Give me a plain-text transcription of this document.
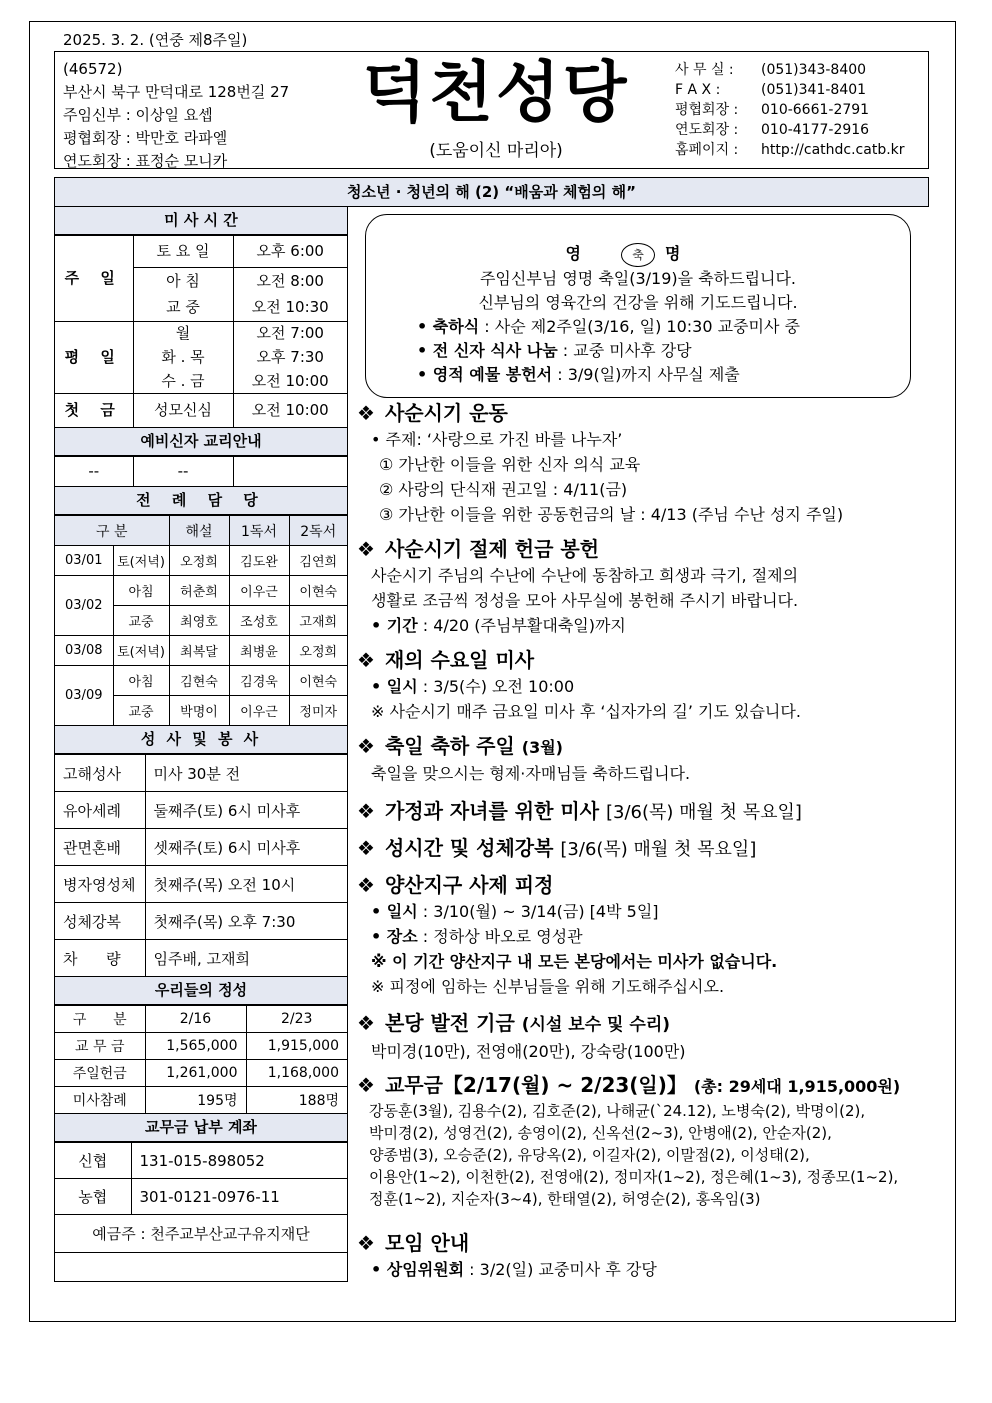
2025. 3. 2. (연중 제8주일)
(46572)
부산시 북구 만덕대로 128번길 27
주임신부 : 이상일 요셉
평협회장 : 박만호 라파엘
연도회장 : 표정순 모니카
덕천성당
(도움이신 마리아)
사 무 실 :	(051)343-8400
F A X :	(051)341-8401
평협회장 :	010-6661-2791
연도회장 :	010-4177-2916
홈페이지 :	http://cathdc.catb.kr
청소년 · 청년의 해 (2) “배움과 체험의 해”
미 사 시 간
주 일	토 요 일	오후 6:00
	아 침	오전 8:00
	교 중	오전 10:30
평 일	월	오전 7:00
	화 . 목	오후 7:30
	수 . 금	오전 10:00
첫 금	성모신심	오전 10:00
예비신자 교리안내
--	--	
전 례 담 당
구 분		해설	1독서	2독서
03/01	토(저녁)	오정희	김도완	김연희
03/02	아침	허춘희	이우근	이현숙
	교중	최영호	조성호	고재희
03/08	토(저녁)	최복달	최병윤	오정희
03/09	아침	김현숙	김경욱	이현숙
	교중	박명이	이우근	정미자
성 사 및 봉 사
고해성사	미사 30분 전
유아세례	둘째주(토) 6시 미사후
관면혼배	셋째주(토) 6시 미사후
병자영성체	첫째주(목) 오전 10시
성체강복	첫째주(목) 오후 7:30
차      량	임주배, 고재희
우리들의 정성
구      분	2/16	2/23
교 무 금	1,565,000	1,915,000
주일헌금	1,261,000	1,168,000
미사참례	195명	188명
교무금 납부 계좌
신협	131-015-898052
농협	301-0121-0976-11
예금주 : 천주교부산교구유지재단	
영 축 명
주임신부님 영명 축일(3/19)을 축하드립니다.
신부님의 영육간의 건강을 위해 기도드립니다.
• 축하식 : 사순 제2주일(3/16, 일) 10:30 교중미사 중
• 전 신자 식사 나눔 : 교중 미사후 강당
• 영적 예물 봉헌서 : 3/9(일)까지 사무실 제출
❖ 사순시기 운동
• 주제: ‘사랑으로 가진 바를 나누자’
① 가난한 이들을 위한 신자 의식 교육
② 사랑의 단식재 권고일 : 4/11(금)
③ 가난한 이들을 위한 공동헌금의 날 : 4/13 (주님 수난 성지 주일)
❖ 사순시기 절제 헌금 봉헌
사순시기 주님의 수난에 수난에 동참하고 희생과 극기, 절제의
생활로 조금씩 정성을 모아 사무실에 봉헌해 주시기 바랍니다.
• 기간 : 4/20 (주님부활대축일)까지
❖ 재의 수요일 미사
• 일시 : 3/5(수) 오전 10:00
※ 사순시기 매주 금요일 미사 후 ‘십자가의 길’ 기도 있습니다.
❖ 축일 축하 주일 (3월)
축일을 맞으시는 형제·자매님들 축하드립니다.
❖ 가정과 자녀를 위한 미사 [3/6(목) 매월 첫 목요일]
❖ 성시간 및 성체강복 [3/6(목) 매월 첫 목요일]
❖ 양산지구 사제 피정
• 일시 : 3/10(월) ~ 3/14(금) [4박 5일]
• 장소 : 정하상 바오로 영성관
※ 이 기간 양산지구 내 모든 본당에서는 미사가 없습니다.
※ 피정에 임하는 신부님들을 위해 기도해주십시오.
❖ 본당 발전 기금 (시설 보수 및 수리)
박미경(10만), 전영애(20만), 강숙랑(100만)
❖ 교무금【2/17(월) ~ 2/23(일)】 (총: 29세대 1,915,000원)
강동훈(3월), 김용수(2), 김호준(2), 나해균(`24.12), 노병숙(2), 박명이(2),
박미경(2), 성영건(2), 송영이(2), 신옥선(2~3), 안병애(2), 안순자(2),
양종범(3), 오승준(2), 유당옥(2), 이길자(2), 이말점(2), 이성태(2),
이용안(1~2), 이천한(2), 전영애(2), 정미자(1~2), 정은혜(1~3), 정종모(1~2),
정훈(1~2), 지순자(3~4), 한태열(2), 허영순(2), 홍옥임(3)
❖ 모임 안내
• 상임위원회 : 3/2(일) 교중미사 후 강당
